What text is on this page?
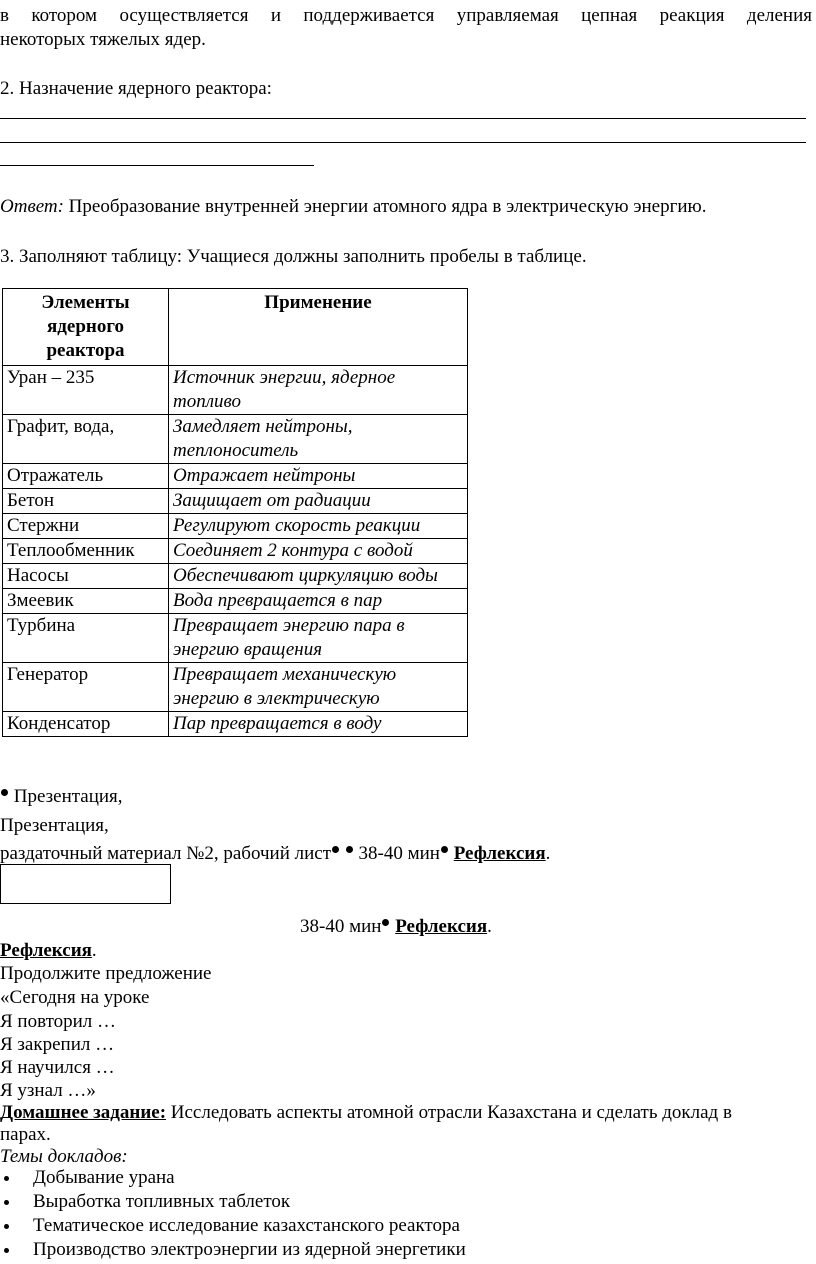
в котором осуществляется и поддерживается управляемая цепная реакция деления
некоторых тяжелых ядер.
2. Назначение ядерного реактора:
Ответ: Преобразование внутренней энергии атомного ядра в электрическую энергию.
3. Заполняют таблицу: Учащиеся должны заполнить пробелы в таблице.
Элементы ядерного реактора	Применение
Уран – 235	Источник энергии, ядерное топливо
Графит, вода,	Замедляет нейтроны, теплоноситель
Отражатель	Отражает нейтроны
Бетон	Защищает от радиации
Стержни	Регулируют скорость реакции
Теплообменник	Соединяет 2 контура с водой
Насосы	Обеспечивают циркуляцию воды
Змеевик	Вода превращается в пар
Турбина	Превращает энергию пара в энергию вращения
Генератор	Превращает механическую энергию в электрическую
Конденсатор	Пар превращается в воду
Презентация,
Презентация,
раздаточный материал №2, рабочий лист  38-40 мин Рефлексия.
38-40 мин Рефлексия.
Рефлексия.
Продолжите предложение
«Сегодня на уроке
Я повторил …
Я закрепил …
Я научился …
Я узнал …»
Домашнее задание: Исследовать аспекты атомной отрасли Казахстана и сделать доклад в
парах.
Темы докладов:
Добывание урана
Выработка топливных таблеток
Тематическое исследование казахстанского реактора
Производство электроэнергии из ядерной энергетики
